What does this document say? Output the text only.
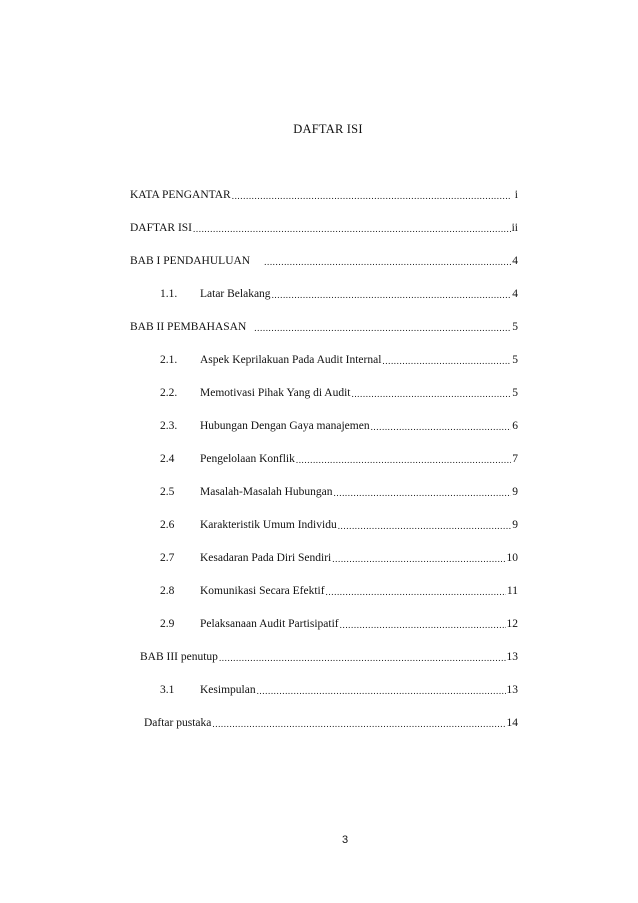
DAFTAR ISI
KATA PENGANTAR .....	i
DAFTAR ISI .....	ii
BAB I PENDAHULUAN .....	4
1.1.	Latar Belakang .....	4
BAB II PEMBAHASAN .....	5
2.1.	Aspek Keprilakuan Pada Audit Internal .....	5
2.2.	Memotivasi Pihak Yang di Audit .....	5
2.3.	Hubungan Dengan Gaya manajemen .....	6
2.4	Pengelolaan Konflik .....	7
2.5	Masalah-Masalah Hubungan .....	9
2.6	Karakteristik Umum Individu .....	9
2.7	Kesadaran Pada Diri Sendiri .....	10
2.8	Komunikasi Secara Efektif .....	11
2.9	Pelaksanaan Audit Partisipatif .....	12
BAB III penutup .....	13
3.1	Kesimpulan .....	13
Daftar pustaka .....	14
3
